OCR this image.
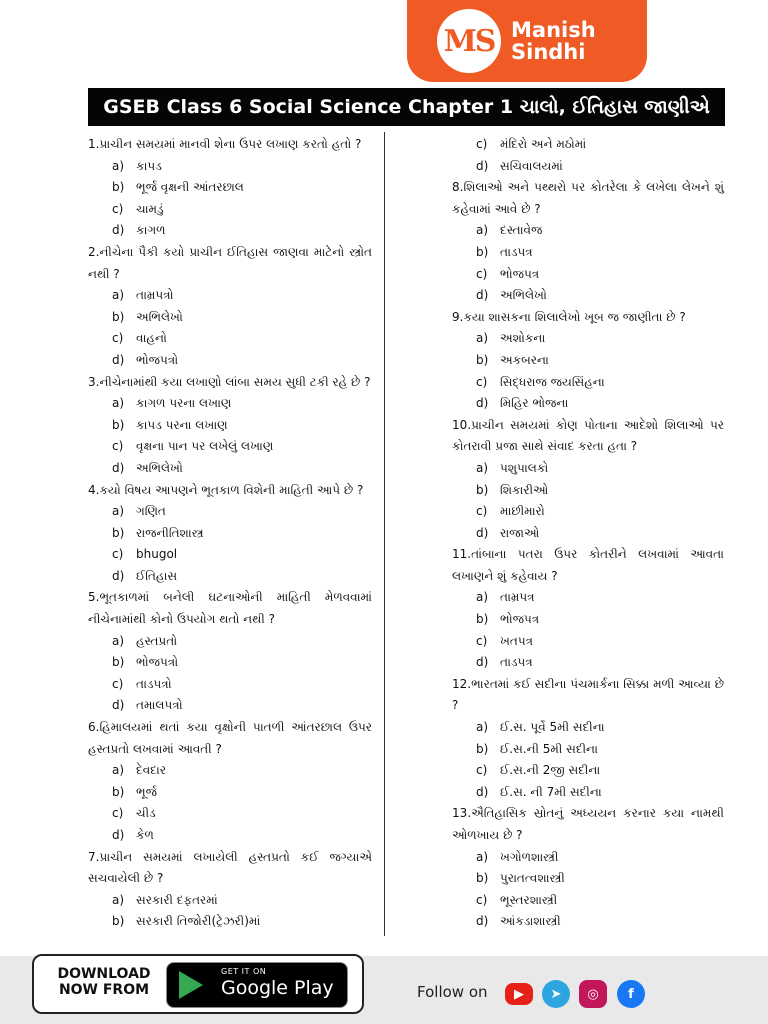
MS Manish
Sindhi
GSEB Class 6 Social Science Chapter 1 ચાલો, ઈતિહાસ જાણીએ
1.પ્રાચીન સમયમાં માનવી શેના ઉપર લખાણ કરતો હતો ?
a) કાપડ
b) ભૂર્જ વૃક્ષની આંતરછાલ
c)	ચામડું
d) કાગળ
2.નીચેના પૈકી કયો પ્રાચીન ઈતિહાસ જાણવા માટેનો સ્ત્રોત નથી ?
a) તામ્રપત્રો
b) અભિલેખો
c)	વાહનો
d) ભોજપત્રો
3.નીચેનામાંથી કયા લખાણો લાંબા સમય સુધી ટકી રહે છે ?
a) કાગળ પરના લખાણ
b) કાપડ પરના લખાણ
c)	વૃક્ષના પાન પર લખેલું લખાણ
d) અભિલેખો
4.કયો વિષય આપણને ભૂતકાળ વિશેની માહિતી આપે છે ?
a) ગણિત
b) રાજનીતિશાસ્ત્ર
c)	bhugol
d) ઈતિહાસ
5.ભૂતકાળમાં બનેલી ઘટનાઓની માહિતી મેળવવામાં નીચેનામાંથી કોનો ઉપયોગ થતો નથી ?
a) હસ્તપ્રતો
b) ભોજપત્રો
c)	તાડપત્રો
d) તમાલપત્રો
6.હિમાલયમાં થતાં કયા વૃક્ષોની પાતળી આંતરછાલ ઉપર હસ્તપ્રતો લખવામાં આવતી ?
a) દેવદાર
b) ભૂર્જ
c)	ચીડ
d) કેળ
7.પ્રાચીન સમયમાં લખાયેલી હસ્તપ્રતો કઈ જગ્યાએ સચવાયેલી છે ?
a) સરકારી દફતરમાં
b) સરકારી તિજોરી(ટ્રેઝરી)માં
c)	મંદિરો અને મઠોમાં
d) સચિવાલયમાં
8.શિલાઓ અને પથ્થરો પર કોતરેલા કે લખેલા લેખને શું કહેવામાં આવે છે ?
a) દસ્તાવેજ
b) તાડપત્ર
c)	ભોજપત્ર
d) અભિલેખો
9.કયા શાસકના શિલાલેખો ખૂબ જ જાણીતા છે ?
a) અશોકના
b) અકબરના
c)	સિદ્ધરાજ જયસિંહના
d) મિહિર ભોજના
10.પ્રાચીન સમયમાં કોણ પોતાના આદેશો શિલાઓ પર કોતરાવી પ્રજા સાથે સંવાદ કરતા હતા ?
a) પશુપાલકો
b) શિકારીઓ
c)	માછીમારો
d) રાજાઓ
11.તાંબાના પતરા ઉપર કોતરીને લખવામાં આવતા લખાણને શું કહેવાય ?
a) તામ્રપત્ર
b) ભોજપત્ર
c)	ખતપત્ર
d) તાડપત્ર
12.ભારતમાં કઈ સદીના પંચમાર્કના સિક્કા મળી આવ્યા છે ?
a) ઈ.સ. પૂર્વે 5મી સદીના
b) ઈ.સ.ની 5મી સદીના
c)	ઈ.સ.ની 2જી સદીના
d) ઈ.સ. ની 7મી સદીના
13.ઐતિહાસિક સ્રોતનું અધ્યયન કરનાર કયા નામથી ઓળખાય છે ?
a) ખગોળશાસ્ત્રી
b) પુરાતત્વશાસ્ત્રી
c)	ભૂસ્તરશાસ્ત્રી
d) આંકડાશાસ્ત્રી
DOWNLOAD
NOW FROM
GET IT ON
Google Play	Follow on	▶	➤	◎	f
